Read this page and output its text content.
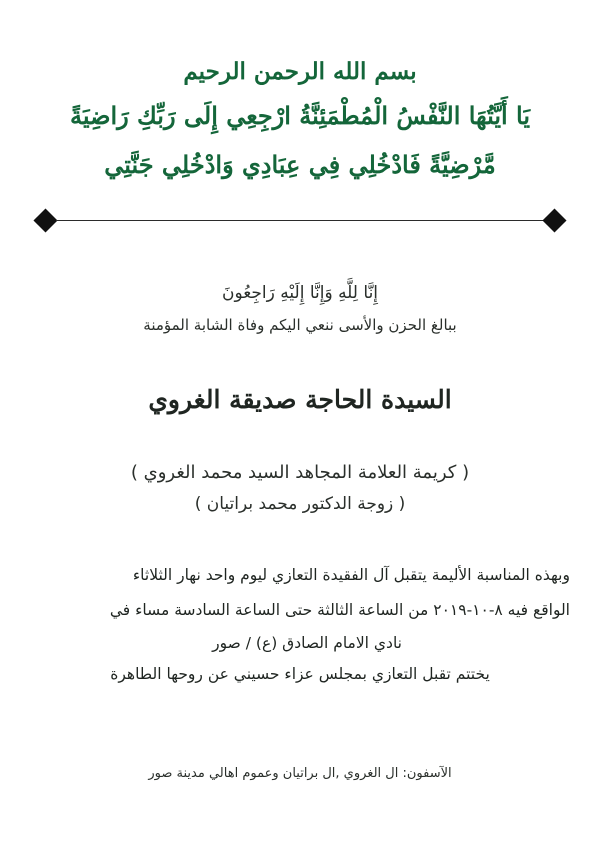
بسم الله الرحمن الرحيم
يَا أَيَّتُهَا النَّفْسُ الْمُطْمَئِنَّةُ ارْجِعِي إِلَى رَبِّكِ رَاضِيَةً
مَّرْضِيَّةً فَادْخُلِي فِي عِبَادِي وَادْخُلِي جَنَّتِي
إِنَّا لِلَّهِ وَإِنَّا إِلَيْهِ رَاجِعُونَ
ببالغ الحزن والأسى ننعي اليكم وفاة الشابة المؤمنة
السيدة الحاجة صديقة الغروي
( كريمة العلامة المجاهد السيد محمد الغروي )
( زوجة الدكتور محمد براتيان )
وبهذه المناسبة الأليمة يتقبل آل الفقيدة التعازي ليوم واحد نهار الثلاثاء
الواقع فيه ٨-١٠-٢٠١٩ من الساعة الثالثة حتى الساعة السادسة مساء في
نادي الامام الصادق (ع) / صور
يختتم تقبل التعازي بمجلس عزاء حسيني عن روحها الطاهرة
الآسفون: ال الغروي ,ال براتيان وعموم اهالي مدينة صور
